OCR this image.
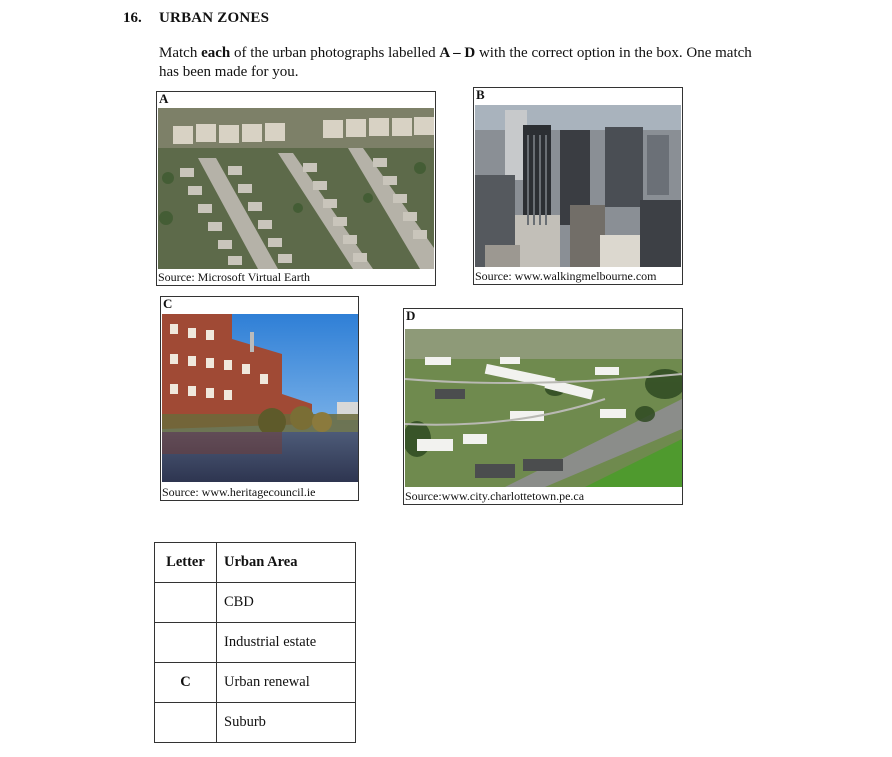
16. URBAN ZONES
Match each of the urban photographs labelled A – D with the correct option in the box. One match has been made for you.
A
Source: Microsoft Virtual Earth
B
Source: www.walkingmelbourne.com
C
Source: www.heritagecouncil.ie
D
Source:www.city.charlottetown.pe.ca
Letter	Urban Area
	CBD
	Industrial estate
C	Urban renewal
	Suburb
